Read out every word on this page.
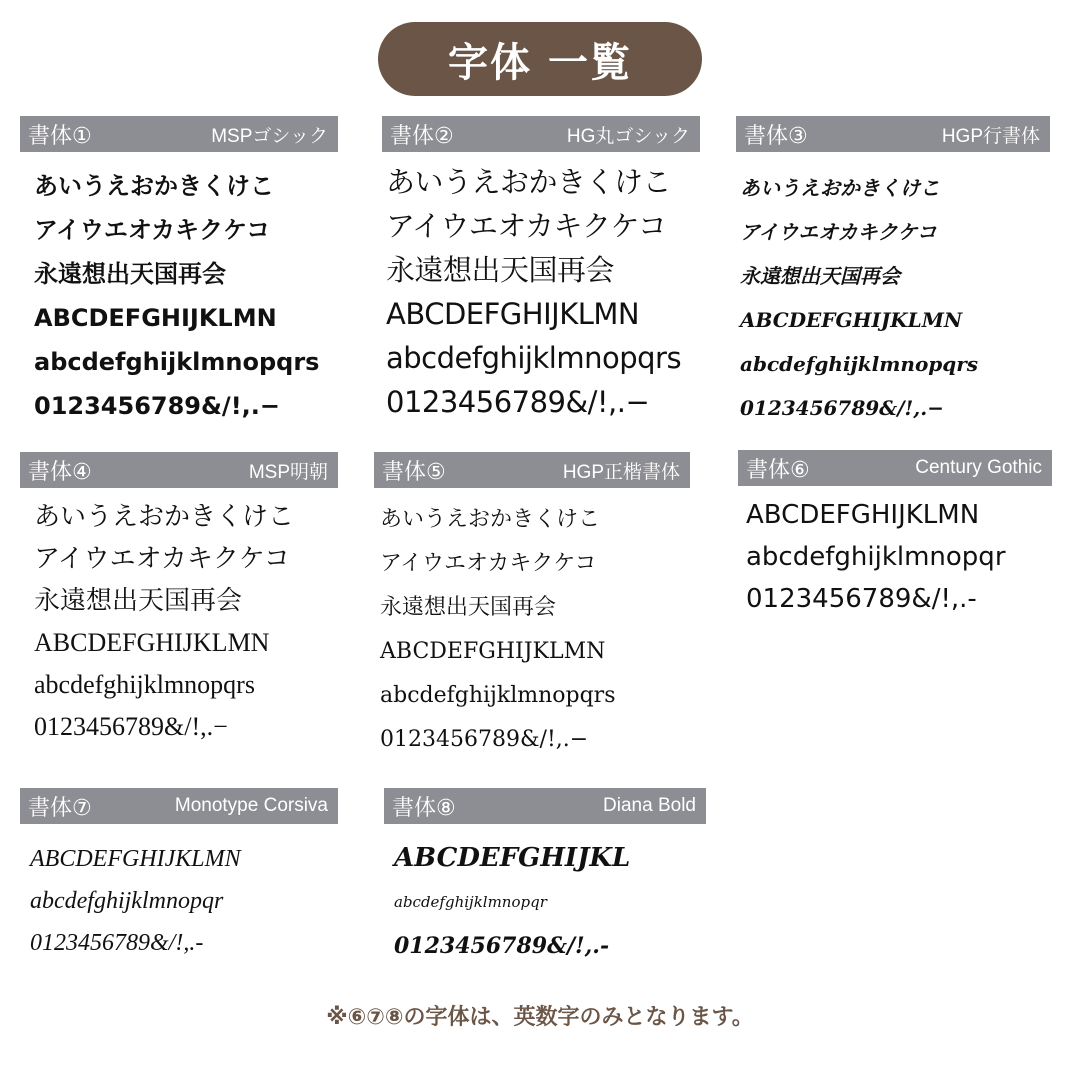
字体 一覧
書体①	MSPゴシック
あいうえおかきくけこ
アイウエオカキクケコ
永遠想出天国再会
ABCDEFGHIJKLMN
abcdefghijklmnopqrs
0123456789&/!,.−
書体②	HG丸ゴシック
あいうえおかきくけこ
アイウエオカキクケコ
永遠想出天国再会
ABCDEFGHIJKLMN
abcdefghijklmnopqrs
0123456789&/!,.−
書体③	HGP行書体
あいうえおかきくけこ
アイウエオカキクケコ
永遠想出天国再会
ABCDEFGHIJKLMN
abcdefghijklmnopqrs
0123456789&/!,.−
書体④	MSP明朝
あいうえおかきくけこ
アイウエオカキクケコ
永遠想出天国再会
ABCDEFGHIJKLMN
abcdefghijklmnopqrs
0123456789&/!,.−
書体⑤	HGP正楷書体
あいうえおかきくけこ
アイウエオカキクケコ
永遠想出天国再会
ABCDEFGHIJKLMN
abcdefghijklmnopqrs
0123456789&/!,.−
書体⑥	Century Gothic
ABCDEFGHIJKLMN
abcdefghijklmnopqr
0123456789&/!,.-
書体⑦	Monotype Corsiva
ABCDEFGHIJKLMN
abcdefghijklmnopqr
0123456789&/!,.-
書体⑧	Diana Bold
ABCDEFGHIJKL
abcdefghijklmnopqr
0123456789&/!,.-
※⑥⑦⑧の字体は、英数字のみとなります。
